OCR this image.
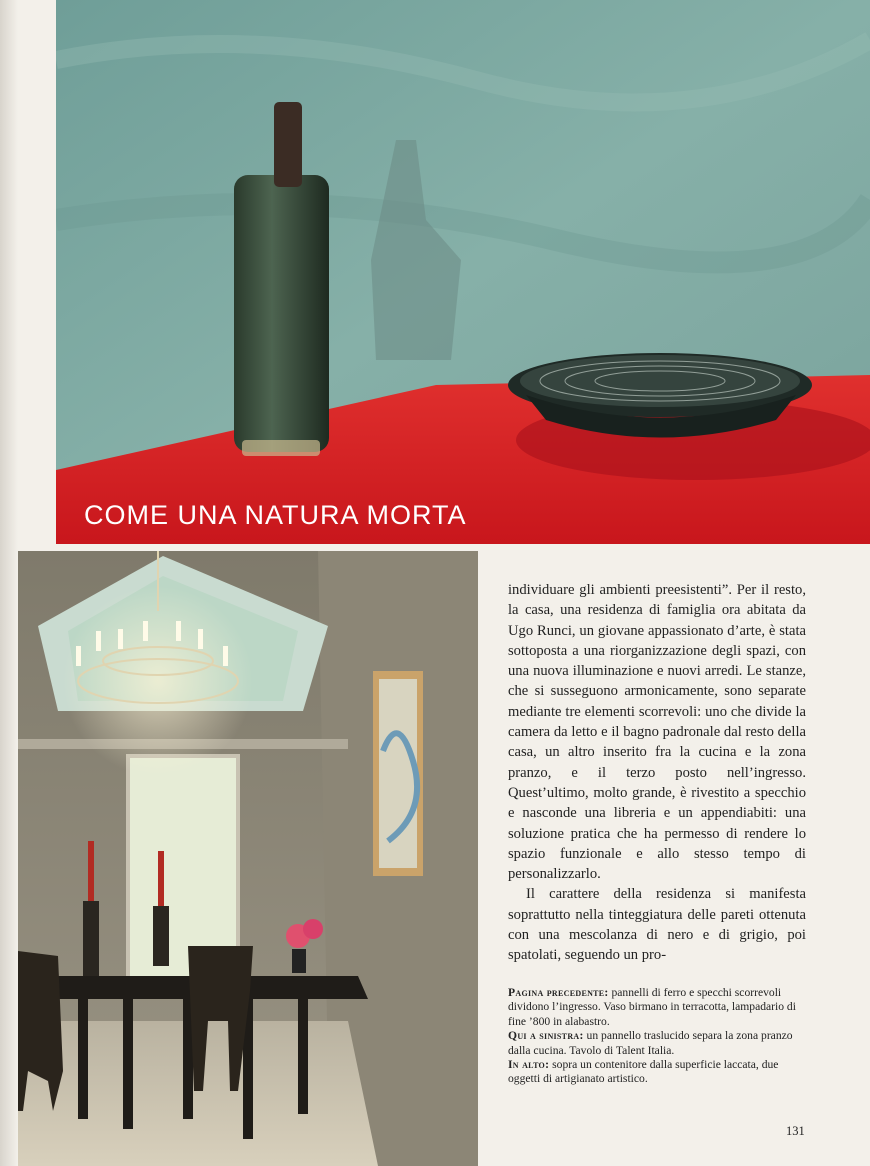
COME UNA NATURA MORTA

individuare gli ambienti preesistenti”. Per il resto, la casa, una residenza di famiglia ora abitata da Ugo Runci, un giovane appassionato d’arte, è stata sottoposta a una riorganizzazione degli spazi, con una nuova illuminazione e nuovi arredi. Le stanze, che si susseguono armonicamente, sono separate mediante tre elementi scorrevoli: uno che divide la camera da letto e il bagno padronale dal resto della casa, un altro inserito fra la cucina e la zona pranzo, e il terzo posto nell’ingresso. Quest’ultimo, molto grande, è rivestito a specchio e nasconde una libreria e un appendiabiti: una soluzione pratica che ha permesso di rendere lo spazio funzionale e allo stesso tempo di personalizzarlo.

Il carattere della residenza si manifesta soprattutto nella tinteggiatura delle pareti ottenuta con una mescolanza di nero e di grigio, poi spatolati, seguendo un pro-

Pagina precedente: pannelli di ferro e specchi scorrevoli dividono l’ingresso. Vaso birmano in terracotta, lampadario di fine ’800 in alabastro.
Qui a sinistra: un pannello traslucido separa la zona pranzo dalla cucina. Tavolo di Talent Italia.
In alto: sopra un contenitore dalla superficie laccata, due oggetti di artigianato artistico.
131
